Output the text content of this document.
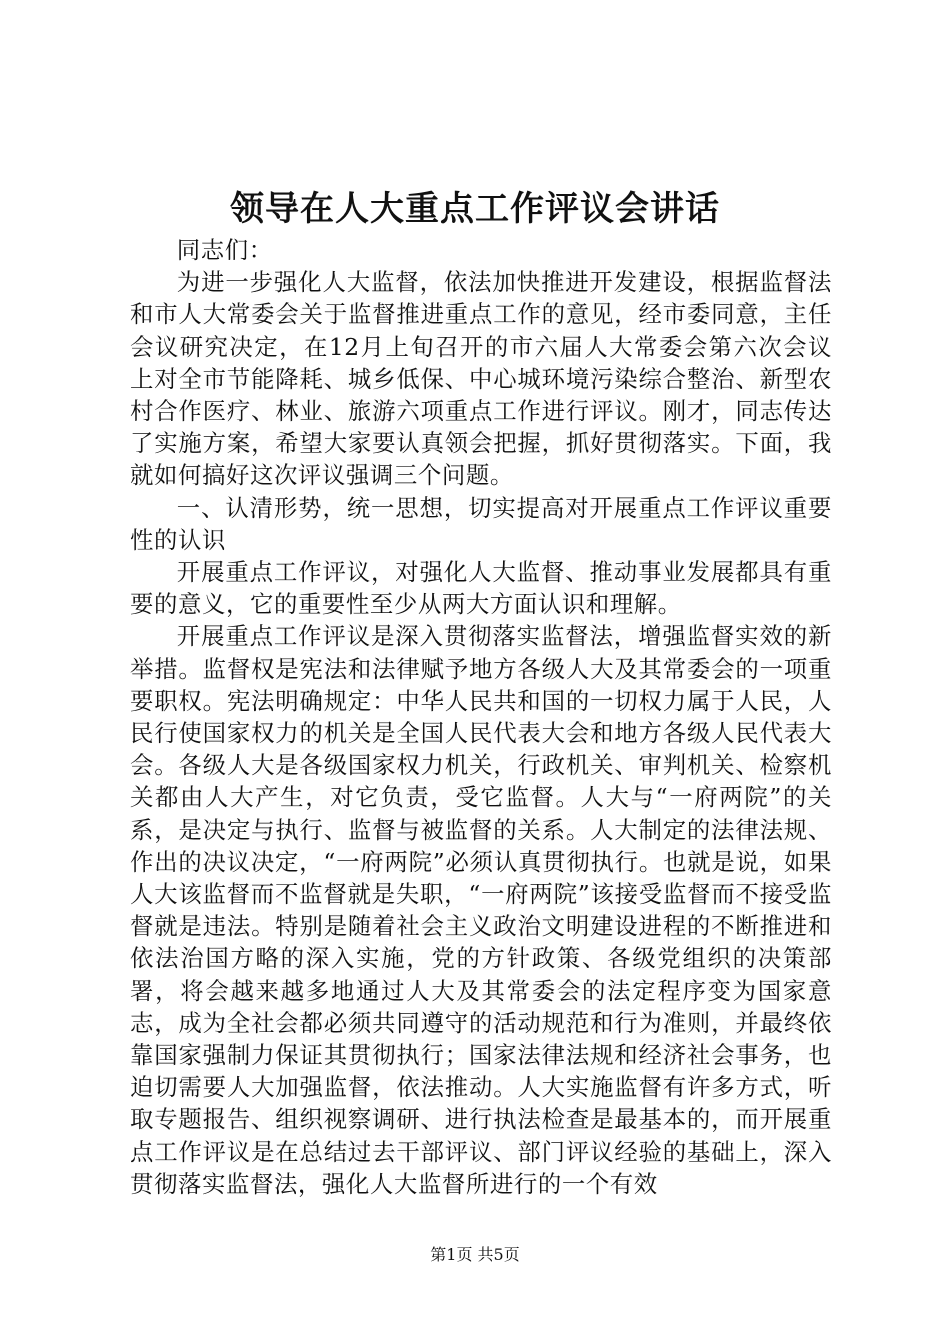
领导在人大重点工作评议会讲话

同志们：

为进一步强化人大监督，依法加快推进开发建设，根据监督法和市人大常委会关于监督推进重点工作的意见，经市委同意，主任会议研究决定，在12月上旬召开的市六届人大常委会第六次会议上对全市节能降耗、城乡低保、中心城环境污染综合整治、新型农村合作医疗、林业、旅游六项重点工作进行评议。刚才，同志传达了实施方案，希望大家要认真领会把握，抓好贯彻落实。下面，我就如何搞好这次评议强调三个问题。

一、认清形势，统一思想，切实提高对开展重点工作评议重要性的认识

开展重点工作评议，对强化人大监督、推动事业发展都具有重要的意义，它的重要性至少从两大方面认识和理解。

开展重点工作评议是深入贯彻落实监督法，增强监督实效的新举措。监督权是宪法和法律赋予地方各级人大及其常委会的一项重要职权。宪法明确规定：中华人民共和国的一切权力属于人民，人民行使国家权力的机关是全国人民代表大会和地方各级人民代表大会。各级人大是各级国家权力机关，行政机关、审判机关、检察机关都由人大产生，对它负责，受它监督。人大与“一府两院”的关系，是决定与执行、监督与被监督的关系。人大制定的法律法规、作出的决议决定，“一府两院”必须认真贯彻执行。也就是说，如果人大该监督而不监督就是失职，“一府两院”该接受监督而不接受监督就是违法。特别是随着社会主义政治文明建设进程的不断推进和依法治国方略的深入实施，党的方针政策、各级党组织的决策部署，将会越来越多地通过人大及其常委会的法定程序变为国家意志，成为全社会都必须共同遵守的活动规范和行为准则，并最终依靠国家强制力保证其贯彻执行；国家法律法规和经济社会事务，也迫切需要人大加强监督，依法推动。人大实施监督有许多方式，听取专题报告、组织视察调研、进行执法检查是最基本的，而开展重点工作评议是在总结过去干部评议、部门评议经验的基础上，深入贯彻落实监督法，强化人大监督所进行的一个有效

第1页 共5页
